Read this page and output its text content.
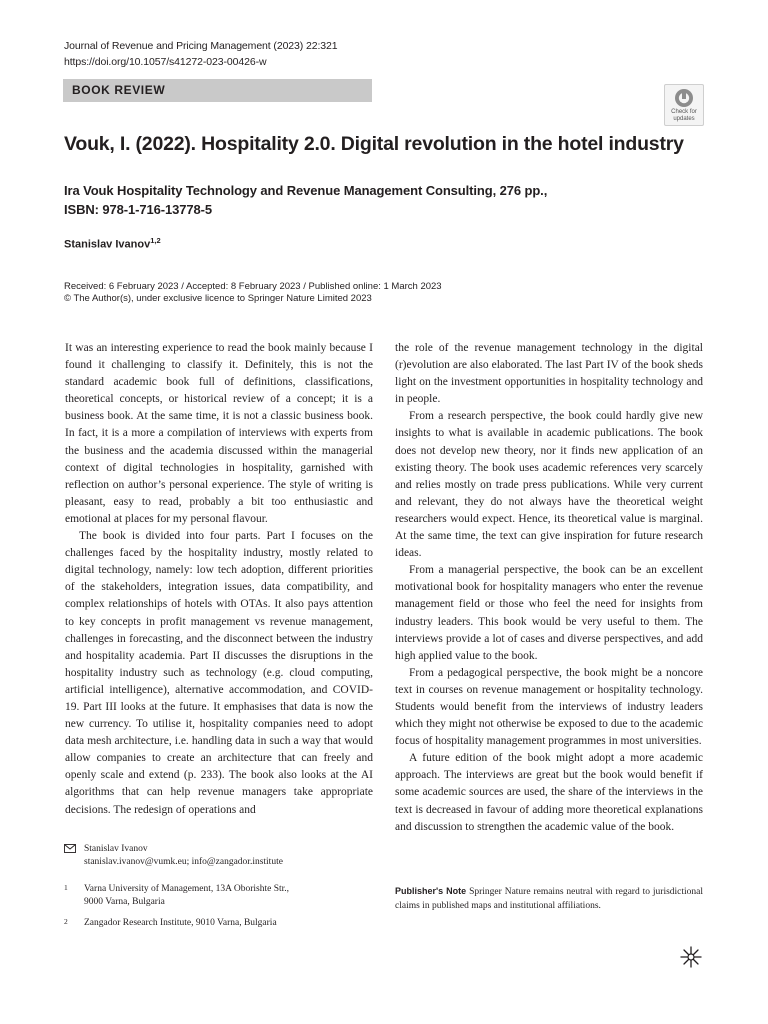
Journal of Revenue and Pricing Management (2023) 22:321
https://doi.org/10.1057/s41272-023-00426-w
BOOK REVIEW
Check for updates
Vouk, I. (2022). Hospitality 2.0. Digital revolution in the hotel industry
Ira Vouk Hospitality Technology and Revenue Management Consulting, 276 pp.,
ISBN: 978-1-716-13778-5
Stanislav Ivanov$^{1,2}$
Received: 6 February 2023 / Accepted: 8 February 2023 / Published online: 1 March 2023
© The Author(s), under exclusive licence to Springer Nature Limited 2023

It was an interesting experience to read the book mainly because I found it challenging to classify it. Definitely, this is not the standard academic book full of definitions, classifications, theoretical concepts, or historical review of a concept; it is a business book. At the same time, it is not a classic business book. In fact, it is a more a compilation of interviews with experts from the business and the academia discussed within the managerial context of digital technologies in hospitality, garnished with reflection on author’s personal experience. The style of writing is pleasant, easy to read, probably a bit too enthusiastic and emotional at places for my personal flavour.

The book is divided into four parts. Part I focuses on the challenges faced by the hospitality industry, mostly related to digital technology, namely: low tech adoption, different priorities of the stakeholders, integration issues, data compatibility, and complex relationships of hotels with OTAs. It also pays attention to key concepts in profit management vs revenue management, challenges in forecasting, and the disconnect between the industry and hospitality academia. Part II discusses the disruptions in the hospitality industry such as technology (e.g. cloud computing, artificial intelligence), alternative accommodation, and COVID-19. Part III looks at the future. It emphasises that data is now the new currency. To utilise it, hospitality companies need to adopt data mesh architecture, i.e. handling data in such a way that would allow companies to create an architecture that can freely and openly scale and extend (p. 233). The book also looks at the AI algorithms that can help revenue managers take appropriate decisions. The redesign of operations and

the role of the revenue management technology in the digital (r)evolution are also elaborated. The last Part IV of the book sheds light on the investment opportunities in hospitality technology and in people.

From a research perspective, the book could hardly give new insights to what is available in academic publications. The book does not develop new theory, nor it finds new application of an existing theory. The book uses academic references very scarcely and relies mostly on trade press publications. While very current and relevant, they do not always have the theoretical weight researchers would expect. Hence, its theoretical value is marginal. At the same time, the text can give inspiration for future research ideas.

From a managerial perspective, the book can be an excellent motivational book for hospitality managers who enter the revenue management field or those who feel the need for insights from industry leaders. This book would be very useful to them. The interviews provide a lot of cases and diverse perspectives, and add high applied value to the book.

From a pedagogical perspective, the book might be a noncore text in courses on revenue management or hospitality technology. Students would benefit from the interviews of industry leaders which they might not otherwise be exposed to due to the academic focus of hospitality management programmes in most universities.

A future edition of the book might adopt a more academic approach. The interviews are great but the book would benefit if some academic sources are used, the share of the interviews in the text is decreased in favour of adding more theoretical explanations and discussion to strengthen the academic value of the book.

Stanislav Ivanov
stanislav.ivanov@vumk.eu; info@zangador.institute
1 Varna University of Management, 13A Oborishte Str.,
9000 Varna, Bulgaria
2 Zangador Research Institute, 9010 Varna, Bulgaria
Publisher's Note Springer Nature remains neutral with regard to jurisdictional claims in published maps and institutional affiliations.
